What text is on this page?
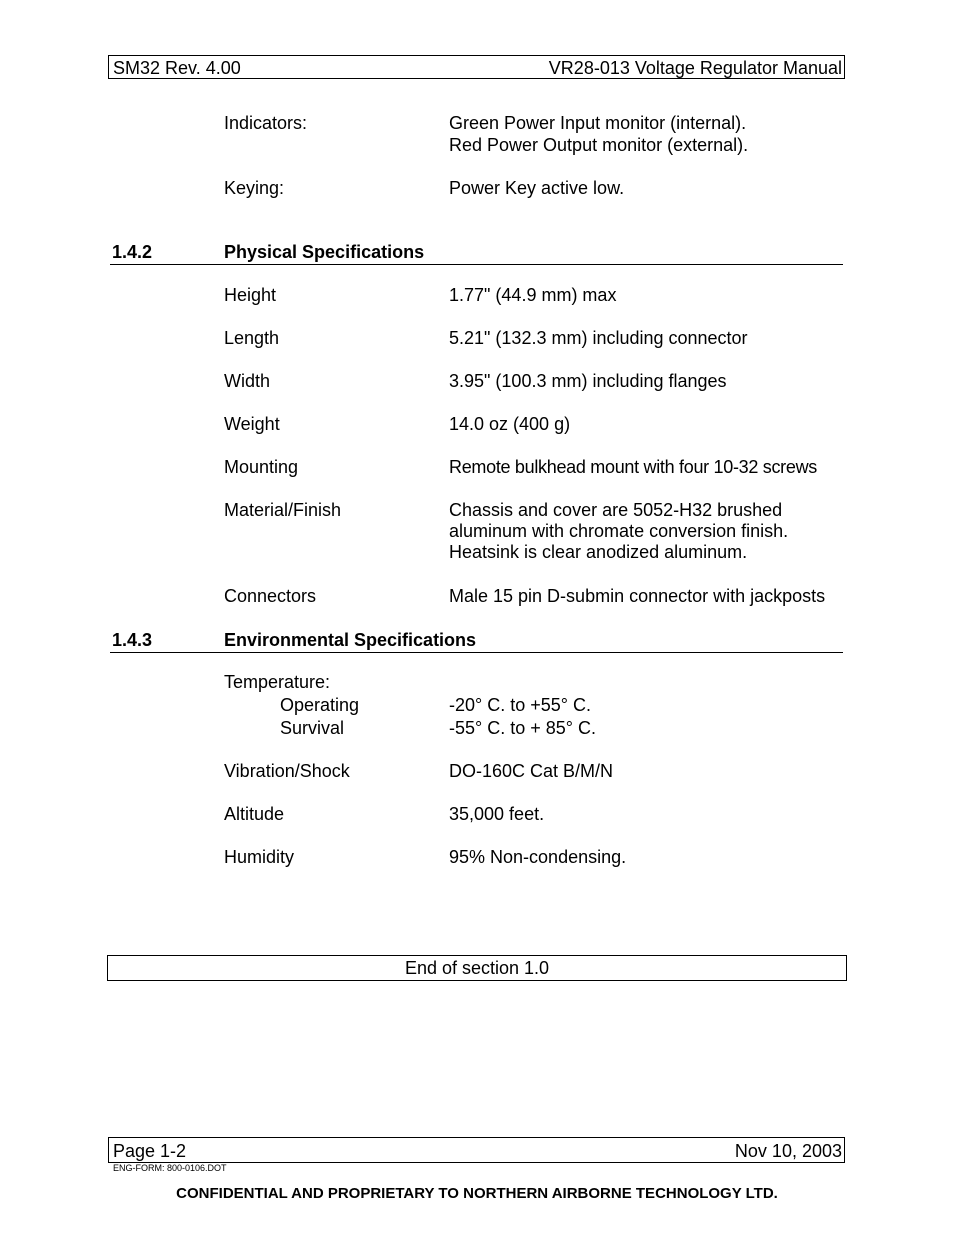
SM32 Rev. 4.00	VR28-013 Voltage Regulator Manual
Indicators:	Green Power Input monitor (internal).
Red Power Output monitor (external).
Keying:	Power Key active low.
1.4.2	Physical Specifications
Height	1.77" (44.9 mm) max
Length	5.21" (132.3 mm) including connector
Width	3.95" (100.3 mm) including flanges
Weight	14.0 oz (400 g)
Mounting	Remote bulkhead mount with four 10-32 screws
Material/Finish	Chassis and cover are 5052-H32 brushed
aluminum with chromate conversion finish.
Heatsink is clear anodized aluminum.
Connectors	Male 15 pin D-submin connector with jackposts
1.4.3	Environmental Specifications
Temperature:
Operating	-20° C. to +55° C.
Survival	-55° C. to + 85° C.
Vibration/Shock	DO-160C Cat B/M/N
Altitude	35,000 feet.
Humidity	95% Non-condensing.
End of section 1.0
Page 1-2	Nov 10, 2003
ENG-FORM: 800-0106.DOT
CONFIDENTIAL AND PROPRIETARY TO NORTHERN AIRBORNE TECHNOLOGY LTD.
